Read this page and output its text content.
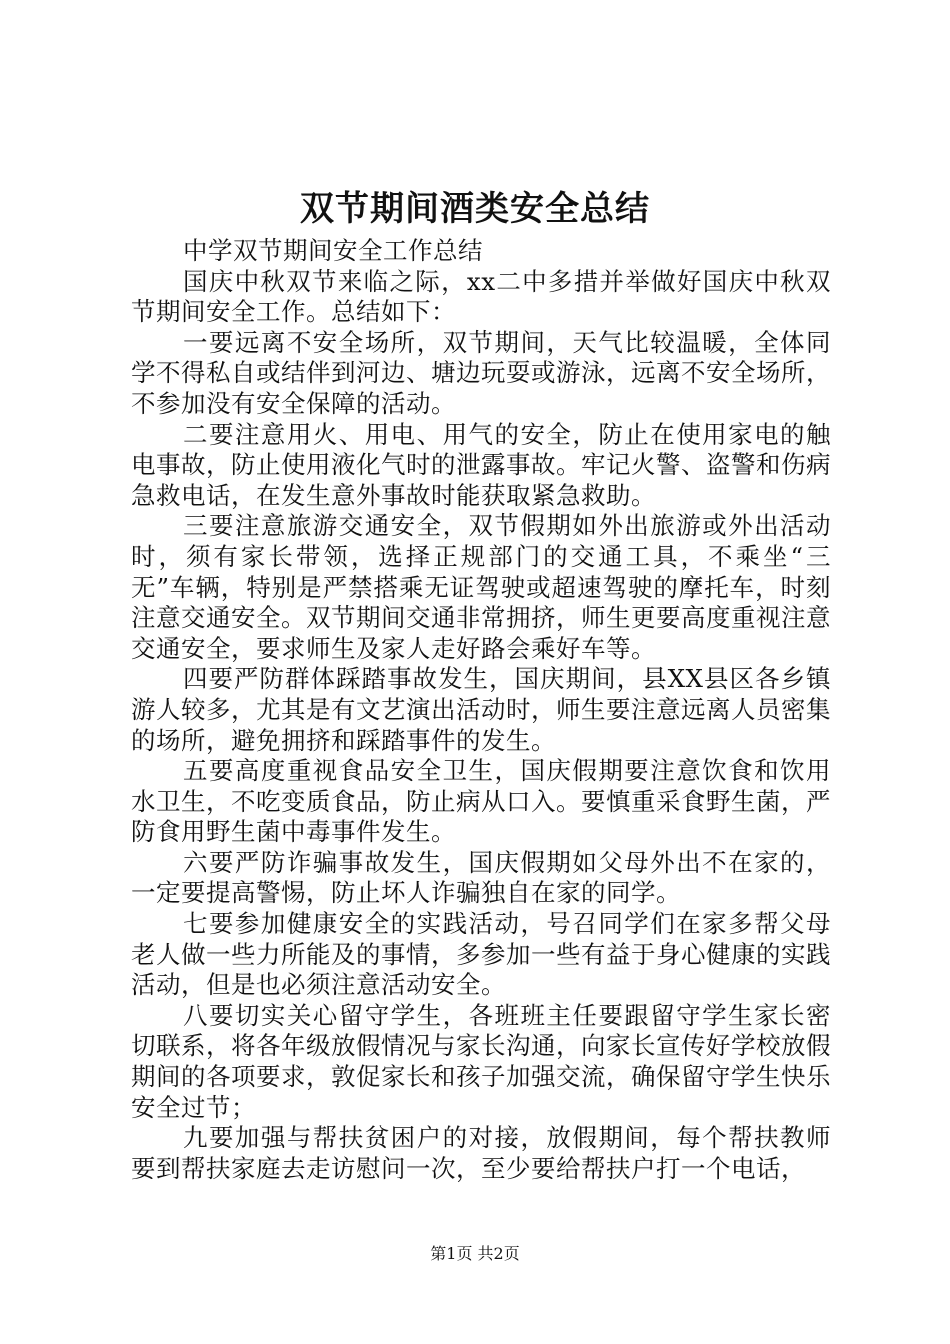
双节期间酒类安全总结

中学双节期间安全工作总结

国庆中秋双节来临之际，xx二中多措并举做好国庆中秋双节期间安全工作。总结如下：

一要远离不安全场所，双节期间，天气比较温暖，全体同学不得私自或结伴到河边、塘边玩耍或游泳，远离不安全场所，不参加没有安全保障的活动。

二要注意用火、用电、用气的安全，防止在使用家电的触电事故，防止使用液化气时的泄露事故。牢记火警、盗警和伤病急救电话，在发生意外事故时能获取紧急救助。

三要注意旅游交通安全，双节假期如外出旅游或外出活动时，须有家长带领，选择正规部门的交通工具，不乘坐“三无”车辆，特别是严禁搭乘无证驾驶或超速驾驶的摩托车，时刻注意交通安全。双节期间交通非常拥挤，师生更要高度重视注意交通安全，要求师生及家人走好路会乘好车等。

四要严防群体踩踏事故发生，国庆期间，县XX县区各乡镇游人较多，尤其是有文艺演出活动时，师生要注意远离人员密集的场所，避免拥挤和踩踏事件的发生。

五要高度重视食品安全卫生，国庆假期要注意饮食和饮用水卫生，不吃变质食品，防止病从口入。要慎重采食野生菌，严防食用野生菌中毒事件发生。

六要严防诈骗事故发生，国庆假期如父母外出不在家的，一定要提高警惕，防止坏人诈骗独自在家的同学。

七要参加健康安全的实践活动，号召同学们在家多帮父母老人做一些力所能及的事情，多参加一些有益于身心健康的实践活动，但是也必须注意活动安全。

八要切实关心留守学生，各班班主任要跟留守学生家长密切联系，将各年级放假情况与家长沟通，向家长宣传好学校放假期间的各项要求，敦促家长和孩子加强交流，确保留守学生快乐安全过节；

九要加强与帮扶贫困户的对接，放假期间，每个帮扶教师要到帮扶家庭去走访慰问一次，至少要给帮扶户打一个电话，

第1页 共2页
